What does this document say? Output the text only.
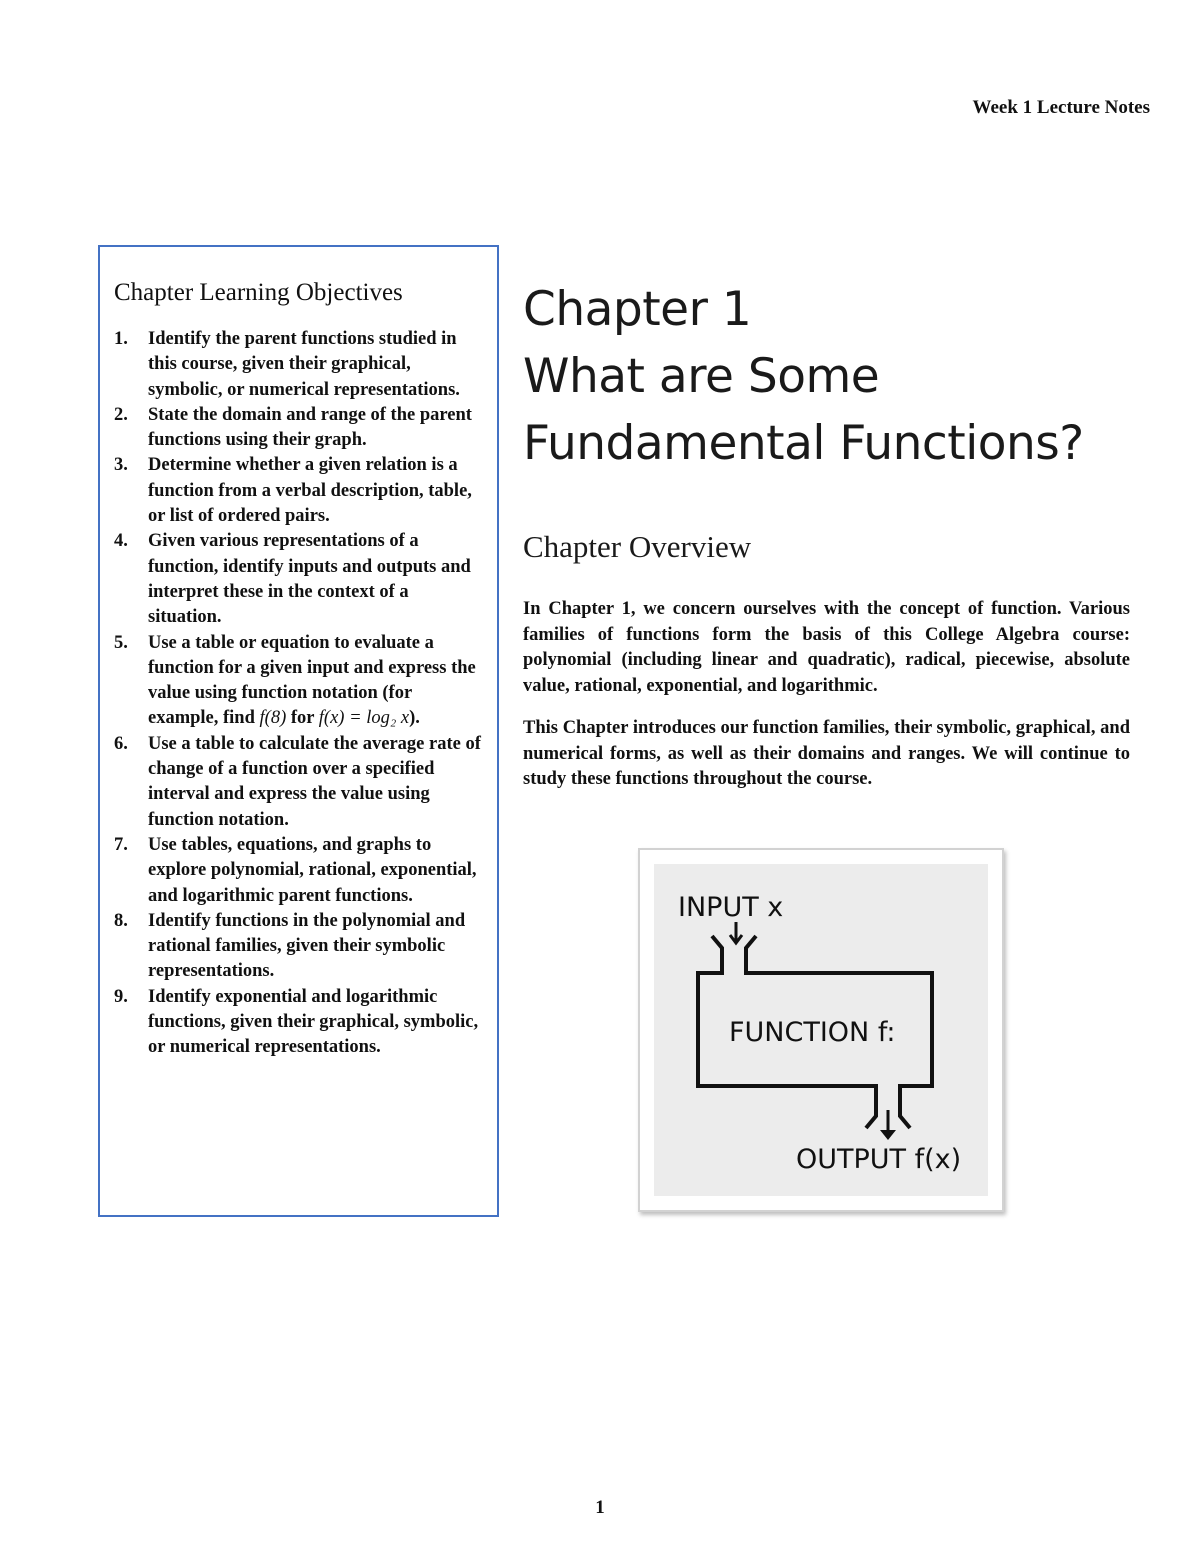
Week 1 Lecture Notes
Chapter Learning Objectives
1.	Identify the parent functions studied in this course, given their graphical, symbolic, or numerical representations.
2.	State the domain and range of the parent functions using their graph.
3.	Determine whether a given relation is a function from a verbal description, table, or list of ordered pairs.
4.	Given various representations of a function, identify inputs and outputs and interpret these in the context of a situation.
5.	Use a table or equation to evaluate a function for a given input and express the value using function notation (for example, find f(8) for f(x) = log₂ x).
6.	Use a table to calculate the average rate of change of a function over a specified interval and express the value using function notation.
7.	Use tables, equations, and graphs to explore polynomial, rational, exponential, and logarithmic parent functions.
8.	Identify functions in the polynomial and rational families, given their symbolic representations.
9.	Identify exponential and logarithmic functions, given their graphical, symbolic, or numerical representations.
Chapter 1
What are Some
Fundamental Functions?
Chapter Overview

In Chapter 1, we concern ourselves with the concept of function. Various families of functions form the basis of this College Algebra course: polynomial (including linear and quadratic), radical, piecewise, absolute value, rational, exponential, and logarithmic.

This Chapter introduces our function families, their symbolic, graphical, and numerical forms, as well as their domains and ranges. We will continue to study these functions throughout the course.

INPUT x
FUNCTION f:
OUTPUT f(x)
1
